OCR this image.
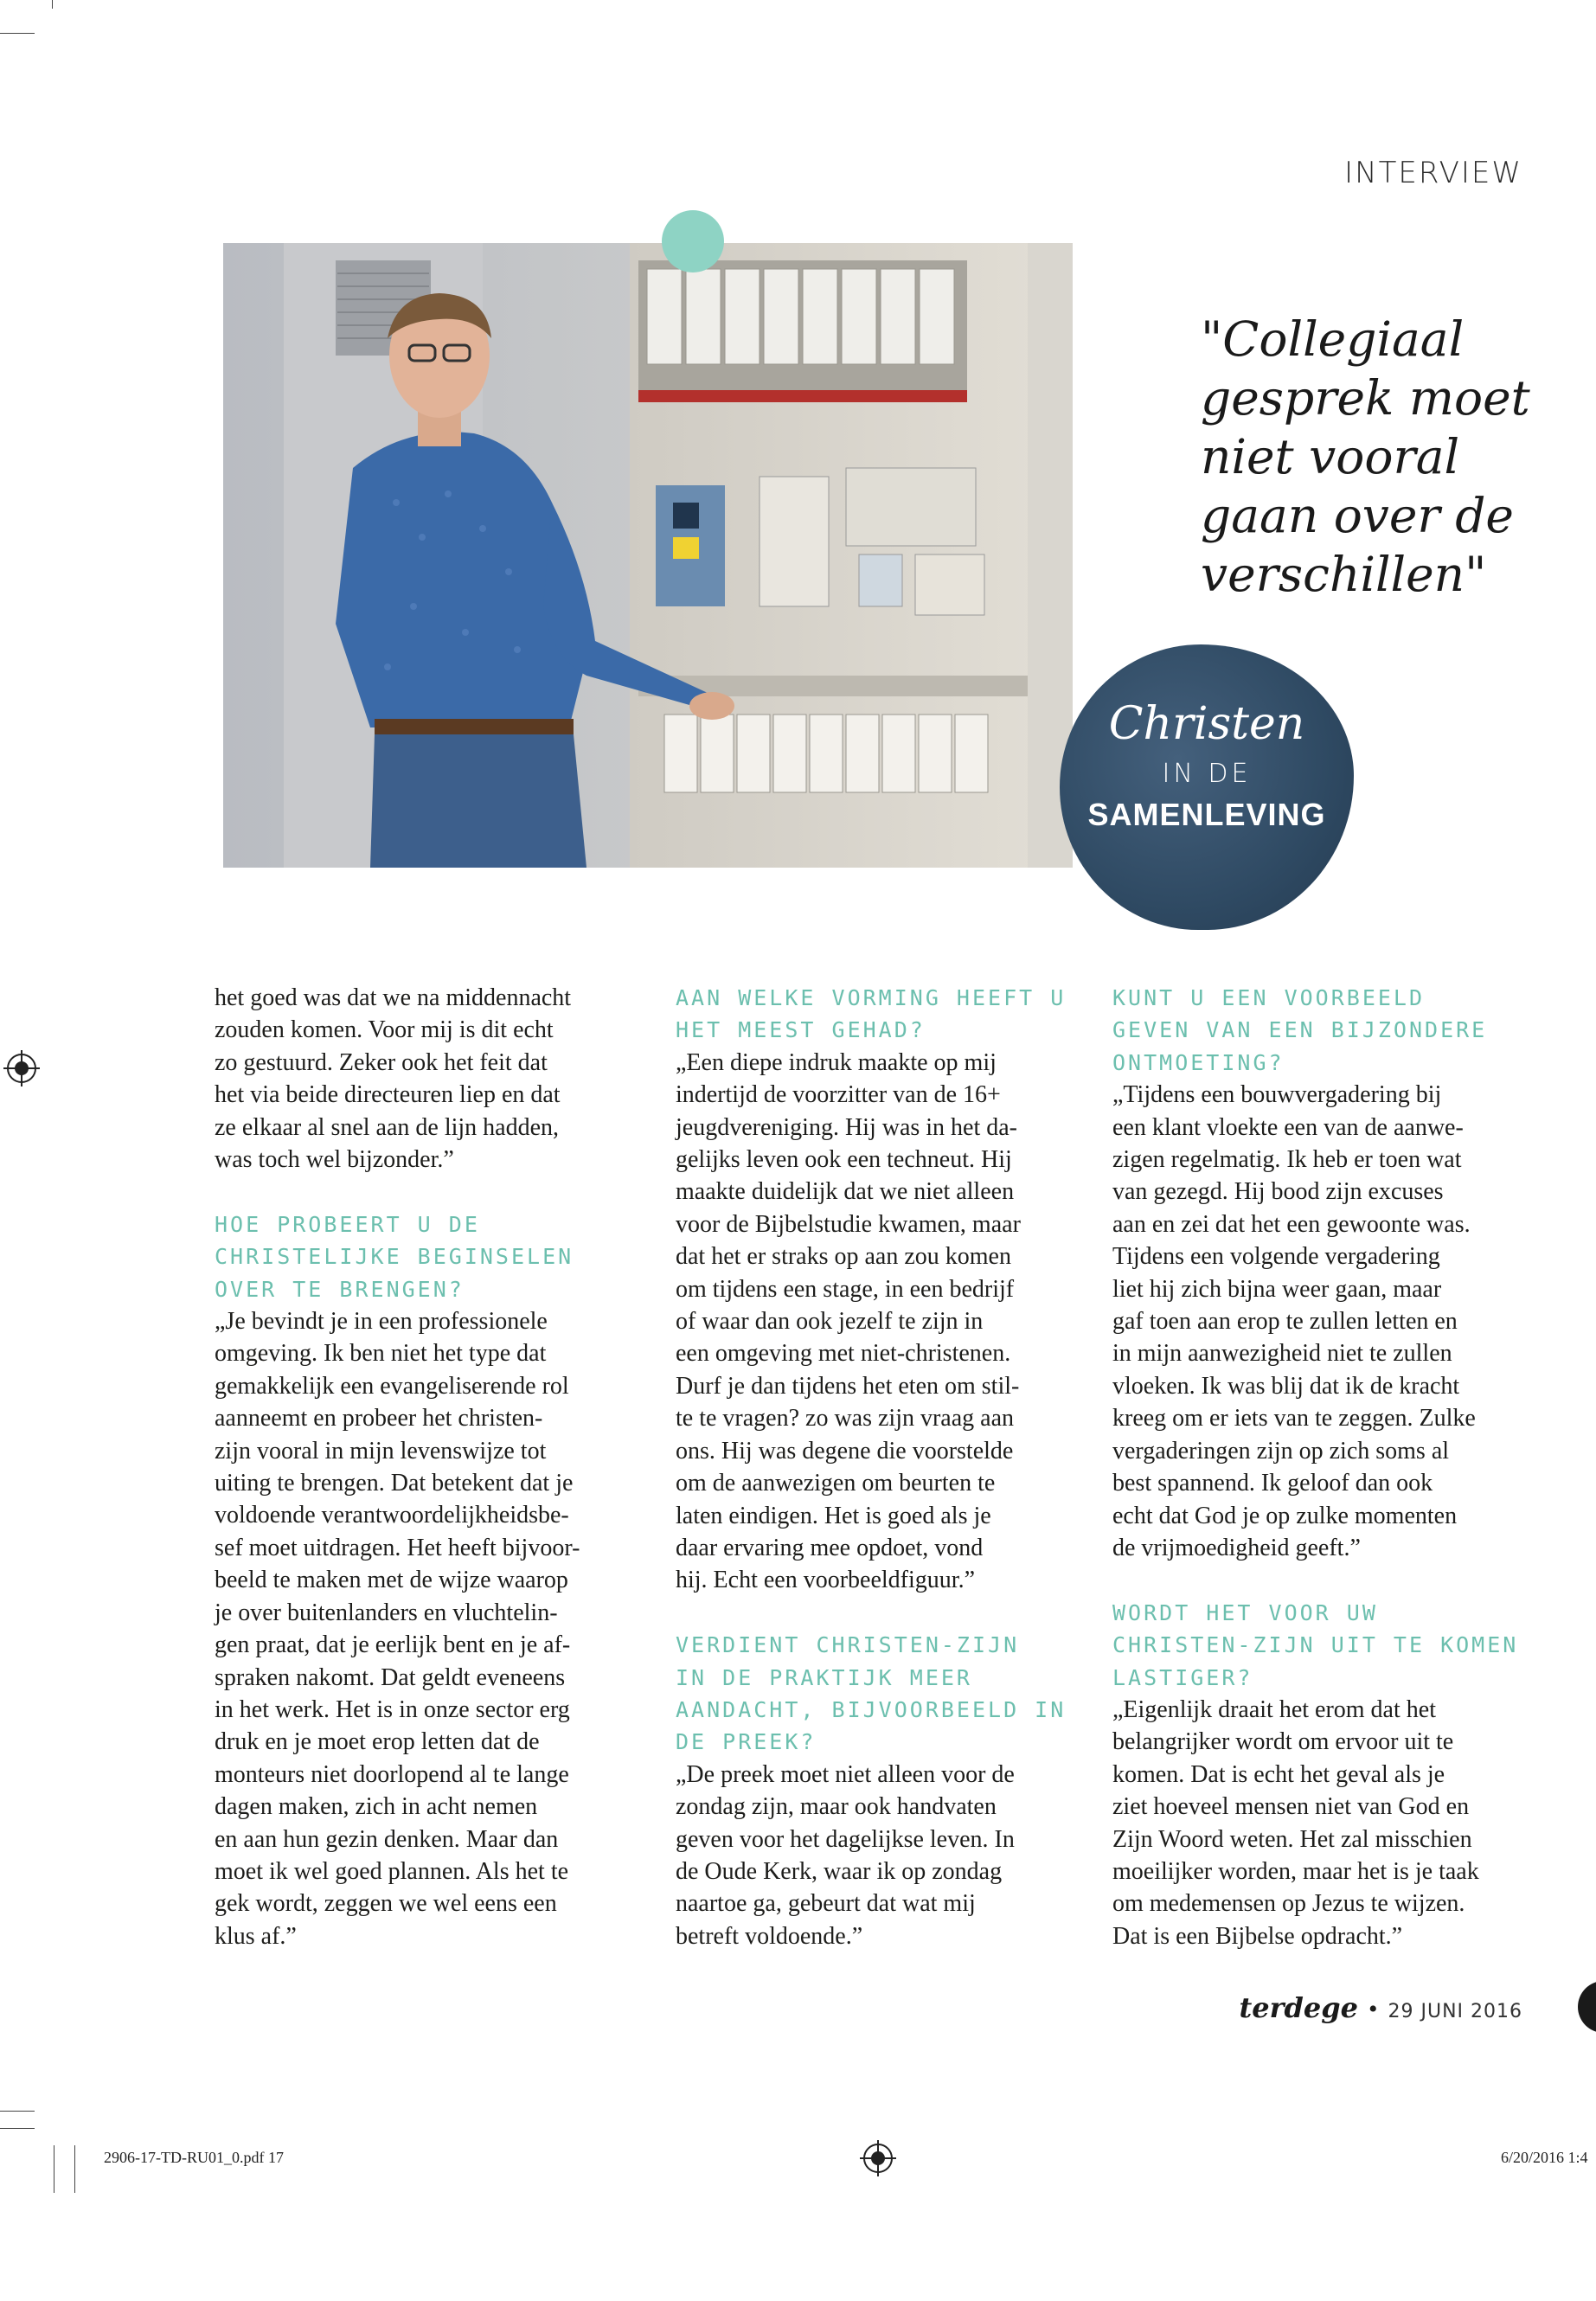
INTERVIEW
"Collegiaal
gesprek moet
niet vooral
gaan over de
verschillen"
Christen
IN DE
SAMENLEVING

het goed was dat we na middennacht
zouden komen. Voor mij is dit echt
zo gestuurd. Zeker ook het feit dat
het via beide directeuren liep en dat
ze elkaar al snel aan de lijn hadden,
was toch wel bijzonder.”

HOE PROBEERT U DE
CHRISTELIJKE BEGINSELEN
OVER TE BRENGEN?

„Je bevindt je in een professionele
omgeving. Ik ben niet het type dat
gemakkelijk een evangeliserende rol
aanneemt en probeer het christen-
zijn vooral in mijn levenswijze tot
uiting te brengen. Dat betekent dat je
voldoende verantwoordelijkheidsbe-
sef moet uitdragen. Het heeft bijvoor-
beeld te maken met de wijze waarop
je over buitenlanders en vluchtelin-
gen praat, dat je eerlijk bent en je af-
spraken nakomt. Dat geldt eveneens
in het werk. Het is in onze sector erg
druk en je moet erop letten dat de
monteurs niet doorlopend al te lange
dagen maken, zich in acht nemen
en aan hun gezin denken. Maar dan
moet ik wel goed plannen. Als het te
gek wordt, zeggen we wel eens een
klus af.”

AAN WELKE VORMING HEEFT U
HET MEEST GEHAD?

„Een diepe indruk maakte op mij
indertijd de voorzitter van de 16+
jeugdvereniging. Hij was in het da-
gelijks leven ook een techneut. Hij
maakte duidelijk dat we niet alleen
voor de Bijbelstudie kwamen, maar
dat het er straks op aan zou komen
om tijdens een stage, in een bedrijf
of waar dan ook jezelf te zijn in
een omgeving met niet-christenen.
Durf je dan tijdens het eten om stil-
te te vragen? zo was zijn vraag aan
ons. Hij was degene die voorstelde
om de aanwezigen om beurten te
laten eindigen. Het is goed als je
daar ervaring mee opdoet, vond
hij. Echt een voorbeeldfiguur.”

VERDIENT CHRISTEN-ZIJN
IN DE PRAKTIJK MEER
AANDACHT, BIJVOORBEELD IN
DE PREEK?

„De preek moet niet alleen voor de
zondag zijn, maar ook handvaten
geven voor het dagelijkse leven. In
de Oude Kerk, waar ik op zondag
naartoe ga, gebeurt dat wat mij
betreft voldoende.”

KUNT U EEN VOORBEELD
GEVEN VAN EEN BIJZONDERE
ONTMOETING?

„Tijdens een bouwvergadering bij
een klant vloekte een van de aanwe-
zigen regelmatig. Ik heb er toen wat
van gezegd. Hij bood zijn excuses
aan en zei dat het een gewoonte was.
Tijdens een volgende vergadering
liet hij zich bijna weer gaan, maar
gaf toen aan erop te zullen letten en
in mijn aanwezigheid niet te zullen
vloeken. Ik was blij dat ik de kracht
kreeg om er iets van te zeggen. Zulke
vergaderingen zijn op zich soms al
best spannend. Ik geloof dan ook
echt dat God je op zulke momenten
de vrijmoedigheid geeft.”

WORDT HET VOOR UW
CHRISTEN-ZIJN UIT TE KOMEN
LASTIGER?

„Eigenlijk draait het erom dat het
belangrijker wordt om ervoor uit te
komen. Dat is echt het geval als je
ziet hoeveel mensen niet van God en
Zijn Woord weten. Het zal misschien
moeilijker worden, maar het is je taak
om medemensen op Jezus te wijzen.
Dat is een Bijbelse opdracht.”

terdege • 29 JUNI 2016
2906-17-TD-RU01_0.pdf 17	6/20/2016 1:4
